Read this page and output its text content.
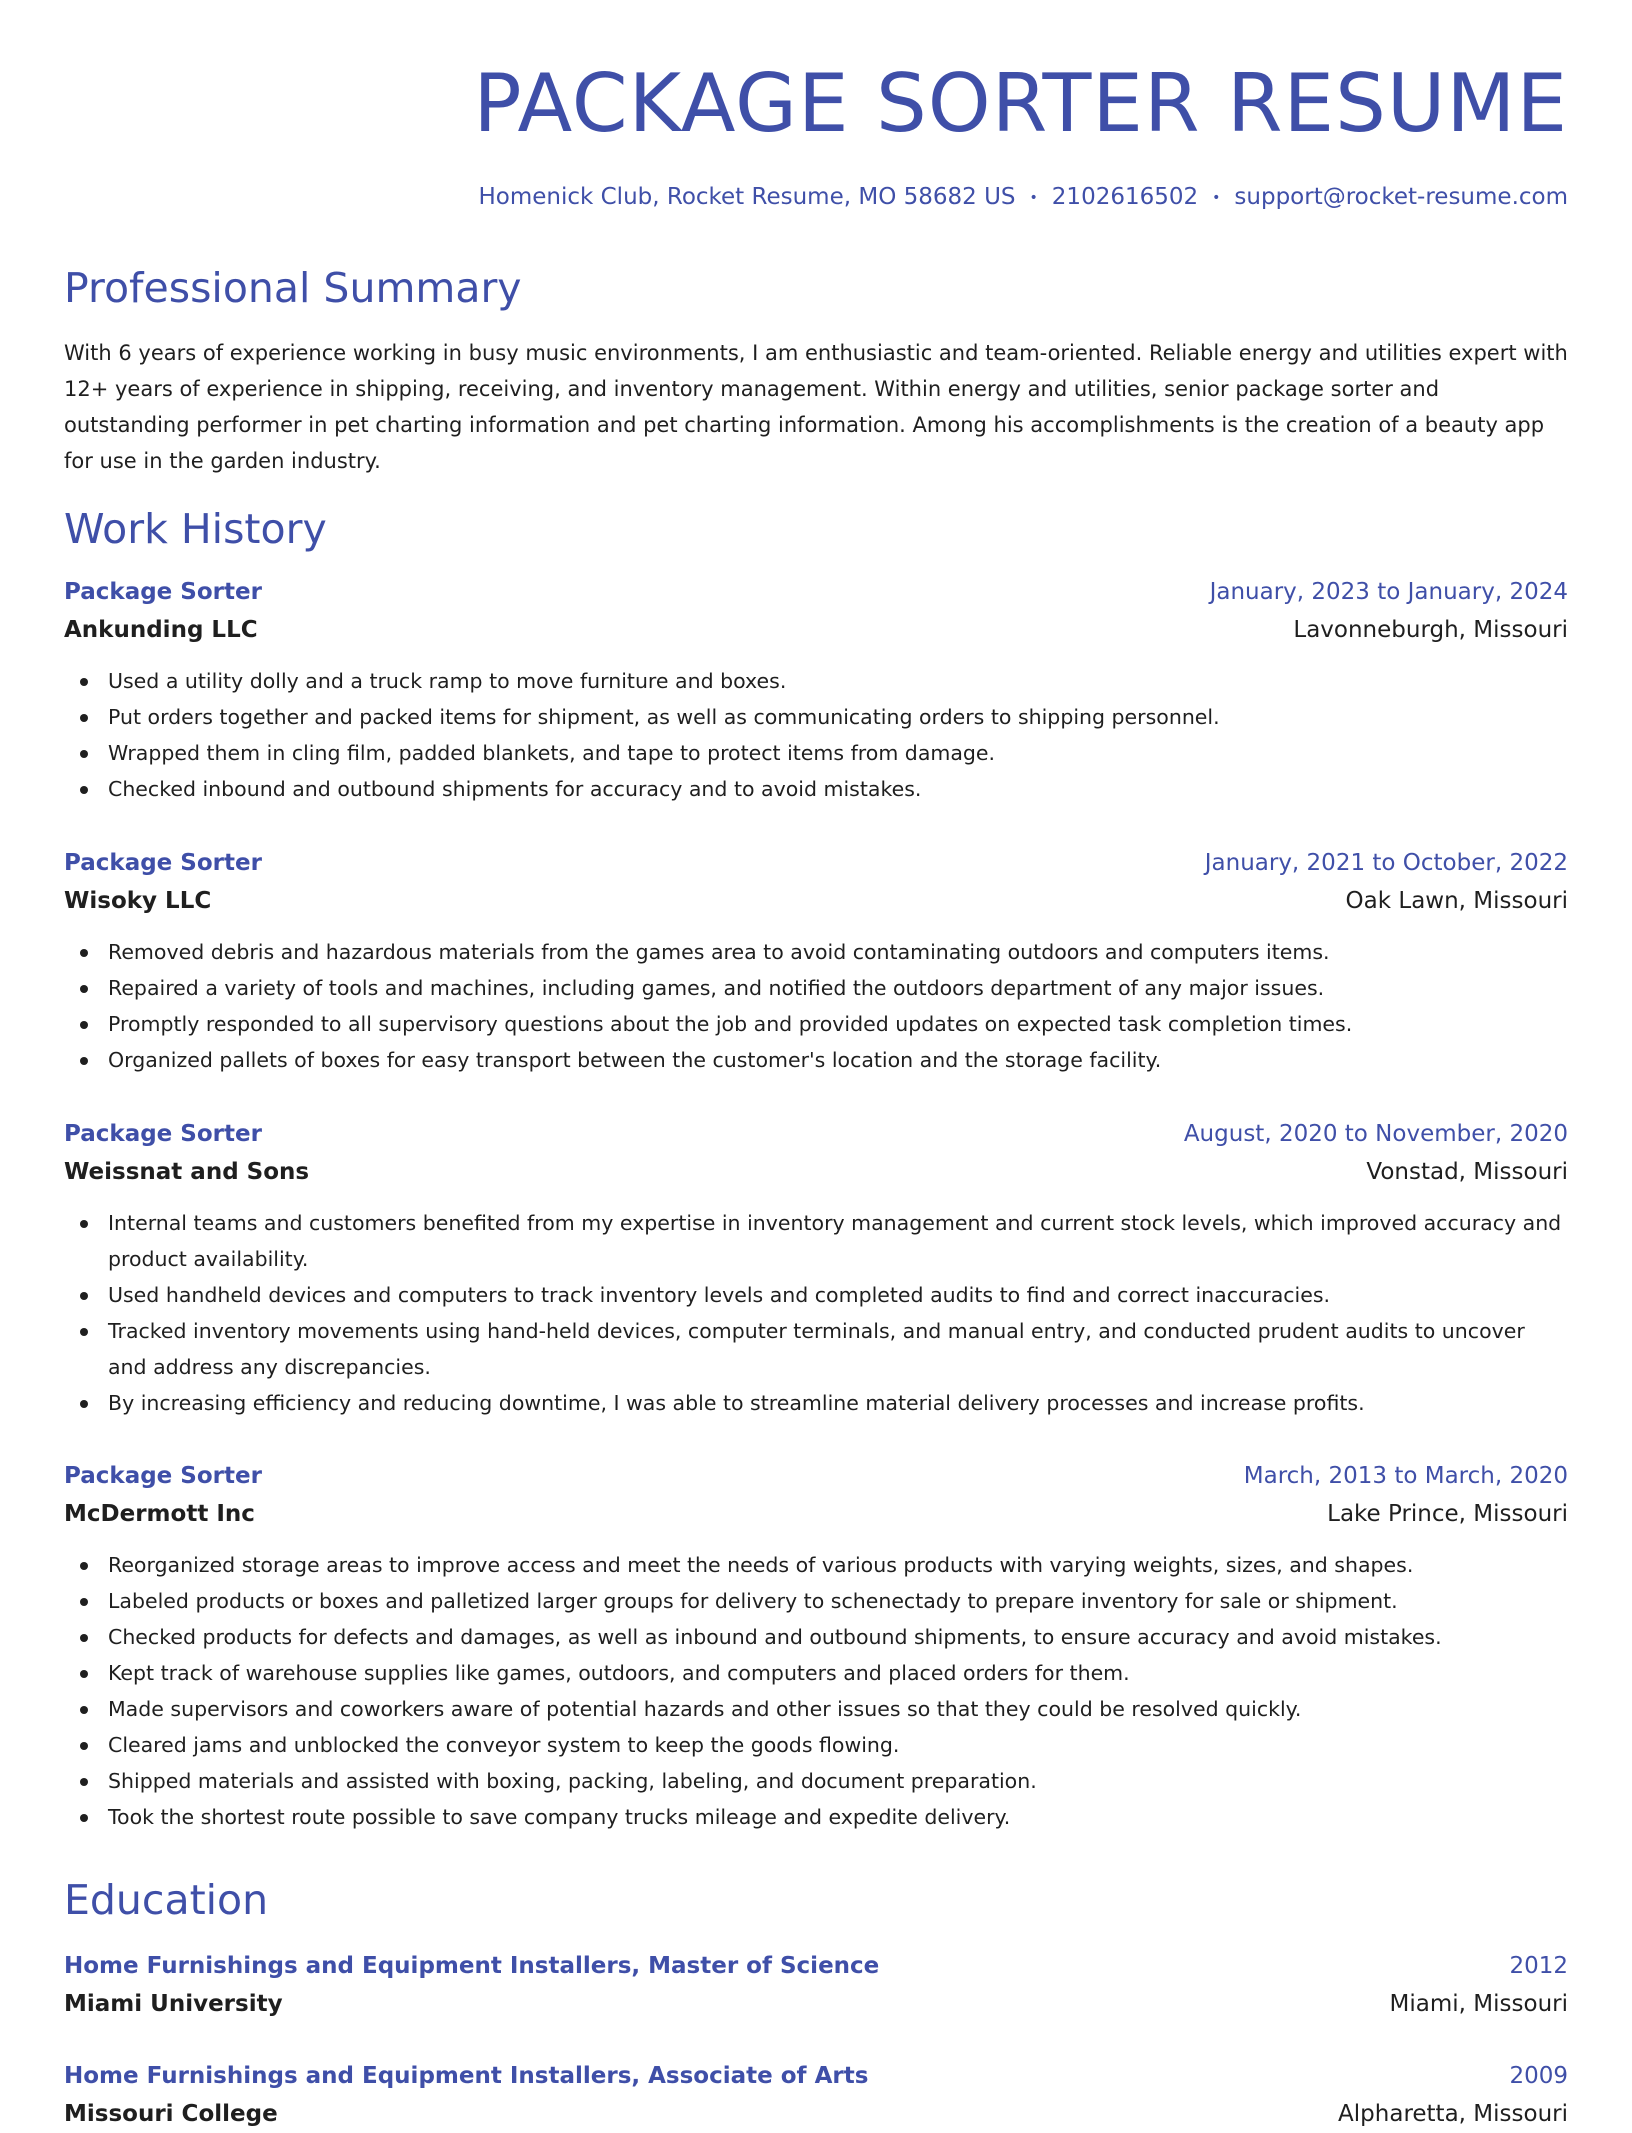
PACKAGE SORTER RESUME
Homenick Club, Rocket Resume, MO 58682 US • 2102616502 • support@rocket-resume.com
Professional Summary

With 6 years of experience working in busy music environments, I am enthusiastic and team-oriented. Reliable energy and utilities expert with 12+ years of experience in shipping, receiving, and inventory management. Within energy and utilities, senior package sorter and outstanding performer in pet charting information and pet charting information. Among his accomplishments is the creation of a beauty app for use in the garden industry.

Work History
Package Sorter	January, 2023 to January, 2024
Ankunding LLC	Lavonneburgh, Missouri
Used a utility dolly and a truck ramp to move furniture and boxes.
Put orders together and packed items for shipment, as well as communicating orders to shipping personnel.
Wrapped them in cling film, padded blankets, and tape to protect items from damage.
Checked inbound and outbound shipments for accuracy and to avoid mistakes.
Package Sorter	January, 2021 to October, 2022
Wisoky LLC	Oak Lawn, Missouri
Removed debris and hazardous materials from the games area to avoid contaminating outdoors and computers items.
Repaired a variety of tools and machines, including games, and notified the outdoors department of any major issues.
Promptly responded to all supervisory questions about the job and provided updates on expected task completion times.
Organized pallets of boxes for easy transport between the customer's location and the storage facility.
Package Sorter	August, 2020 to November, 2020
Weissnat and Sons	Vonstad, Missouri
Internal teams and customers benefited from my expertise in inventory management and current stock levels, which improved accuracy and product availability.
Used handheld devices and computers to track inventory levels and completed audits to find and correct inaccuracies.
Tracked inventory movements using hand-held devices, computer terminals, and manual entry, and conducted prudent audits to uncover and address any discrepancies.
By increasing efficiency and reducing downtime, I was able to streamline material delivery processes and increase profits.
Package Sorter	March, 2013 to March, 2020
McDermott Inc	Lake Prince, Missouri
Reorganized storage areas to improve access and meet the needs of various products with varying weights, sizes, and shapes.
Labeled products or boxes and palletized larger groups for delivery to schenectady to prepare inventory for sale or shipment.
Checked products for defects and damages, as well as inbound and outbound shipments, to ensure accuracy and avoid mistakes.
Kept track of warehouse supplies like games, outdoors, and computers and placed orders for them.
Made supervisors and coworkers aware of potential hazards and other issues so that they could be resolved quickly.
Cleared jams and unblocked the conveyor system to keep the goods flowing.
Shipped materials and assisted with boxing, packing, labeling, and document preparation.
Took the shortest route possible to save company trucks mileage and expedite delivery.
Education
Home Furnishings and Equipment Installers, Master of Science	2012
Miami University	Miami, Missouri
Home Furnishings and Equipment Installers, Associate of Arts	2009
Missouri College	Alpharetta, Missouri
